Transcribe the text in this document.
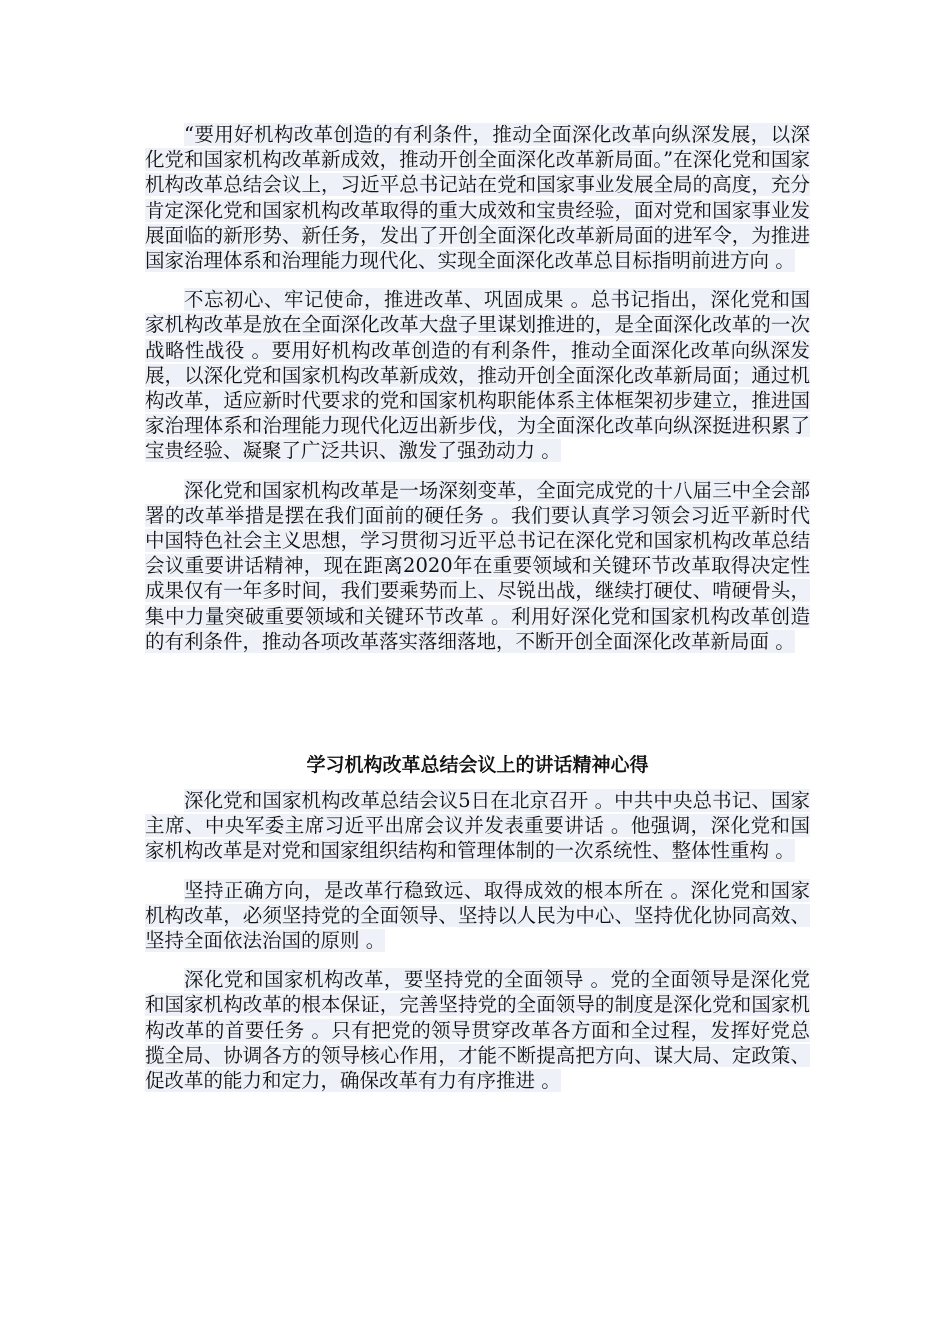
“要用好机构改革创造的有利条件，推动全面深化改革向纵深发展，以深化党和国家机构改革新成效，推动开创全面深化改革新局面。”在深化党和国家机构改革总结会议上，习近平总书记站在党和国家事业发展全局的高度，充分肯定深化党和国家机构改革取得的重大成效和宝贵经验，面对党和国家事业发展面临的新形势、新任务，发出了开创全面深化改革新局面的进军令，为推进国家治理体系和治理能力现代化、实现全面深化改革总目标指明前进方向 。

不忘初心、牢记使命，推进改革、巩固成果 。总书记指出，深化党和国家机构改革是放在全面深化改革大盘子里谋划推进的，是全面深化改革的一次战略性战役 。要用好机构改革创造的有利条件，推动全面深化改革向纵深发展，以深化党和国家机构改革新成效，推动开创全面深化改革新局面；通过机构改革，适应新时代要求的党和国家机构职能体系主体框架初步建立，推进国家治理体系和治理能力现代化迈出新步伐，为全面深化改革向纵深挺进积累了宝贵经验、凝聚了广泛共识、激发了强劲动力 。

深化党和国家机构改革是一场深刻变革，全面完成党的十八届三中全会部署的改革举措是摆在我们面前的硬任务 。我们要认真学习领会习近平新时代中国特色社会主义思想，学习贯彻习近平总书记在深化党和国家机构改革总结会议重要讲话精神，现在距离2020年在重要领域和关键环节改革取得决定性成果仅有一年多时间，我们要乘势而上、尽锐出战，继续打硬仗、啃硬骨头，集中力量突破重要领域和关键环节改革 。利用好深化党和国家机构改革创造的有利条件，推动各项改革落实落细落地，不断开创全面深化改革新局面 。

学习机构改革总结会议上的讲话精神心得

深化党和国家机构改革总结会议5日在北京召开 。中共中央总书记、国家主席、中央军委主席习近平出席会议并发表重要讲话 。他强调，深化党和国家机构改革是对党和国家组织结构和管理体制的一次系统性、整体性重构 。

坚持正确方向，是改革行稳致远、取得成效的根本所在 。深化党和国家机构改革，必须坚持党的全面领导、坚持以人民为中心、坚持优化协同高效、坚持全面依法治国的原则 。

深化党和国家机构改革，要坚持党的全面领导 。党的全面领导是深化党和国家机构改革的根本保证，完善坚持党的全面领导的制度是深化党和国家机构改革的首要任务 。只有把党的领导贯穿改革各方面和全过程，发挥好党总揽全局、协调各方的领导核心作用，才能不断提高把方向、谋大局、定政策、促改革的能力和定力，确保改革有力有序推进 。
